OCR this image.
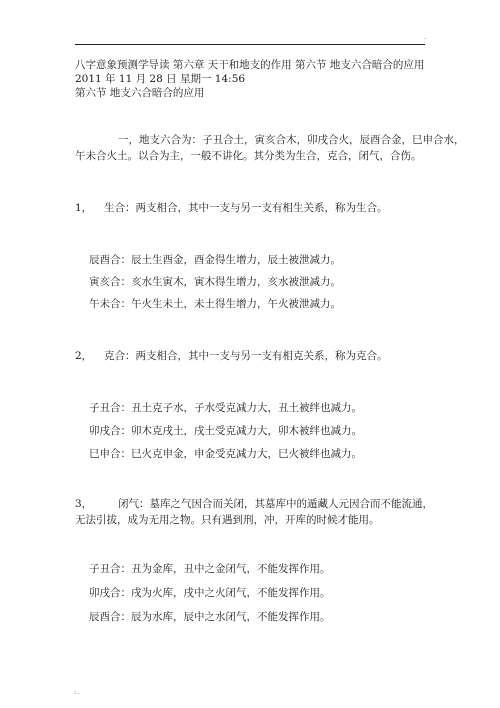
.
八字意象预测学导读 第六章 天干和地支的作用 第六节 地支六合暗合的应用
2011 年 11 月 28 日 星期一 14:56
第六节 地支六合暗合的应用
一，地支六合为：子丑合土，寅亥合木，卯戌合火，辰酉合金，巳申合水，
午未合火土。以合为主，一般不讲化。其分类为生合，克合，闭气，合伤。
1， 生合：两支相合，其中一支与另一支有相生关系，称为生合。
辰酉合：辰土生酉金，酉金得生增力，辰土被泄减力。
寅亥合：亥水生寅木，寅木得生增力，亥水被泄减力。
午未合：午火生未土，未土得生增力，午火被泄减力。
2， 克合：两支相合，其中一支与另一支有相克关系，称为克合。
子丑合：丑土克子水，子水受克减力大，丑土被绊也减力。
卯戌合：卯木克戌土，戌土受克减力大，卯木被绊也减力。
巳申合：巳火克申金，申金受克减力大，巳火被绊也减力。
3， 闭气：墓库之气因合而关闭，其墓库中的遁藏人元因合而不能流通，
无法引拔，成为无用之物。只有遇到刑，冲，开库的时候才能用。
子丑合：丑为金库，丑中之金闭气，不能发挥作用。
卯戌合：戌为火库，戌中之火闭气，不能发挥作用。
辰酉合：辰为水库，辰中之水闭气，不能发挥作用。
: .
